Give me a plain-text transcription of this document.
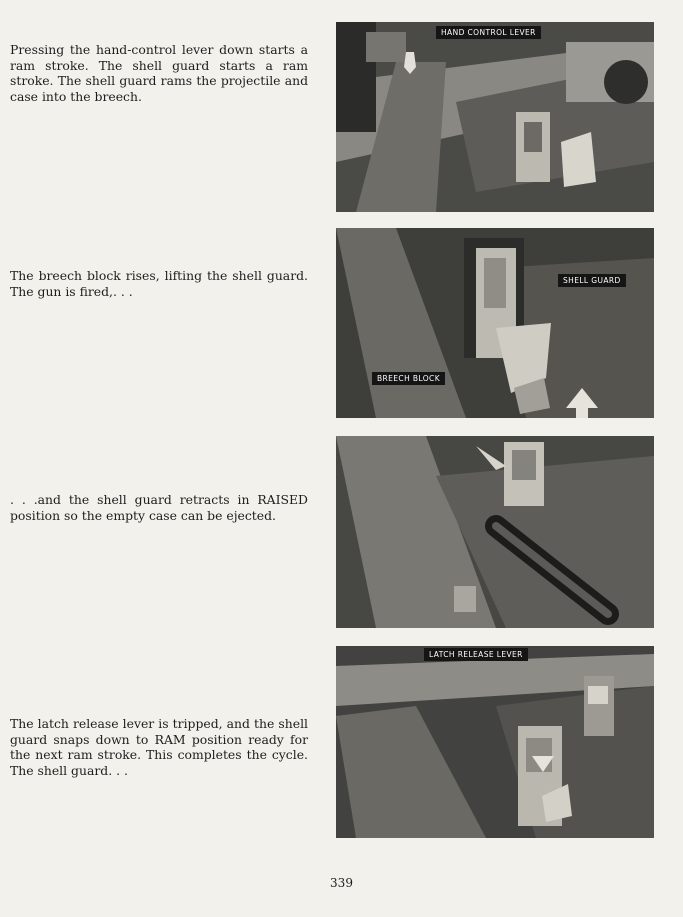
Pressing the hand-control lever down starts a ram stroke. The shell guard starts a ram stroke. The shell guard rams the projectile and case into the breech.

The breech block rises, lifting the shell guard. The gun is fired,. . .

. . .and the shell guard retracts in RAISED position so the empty case can be ejected.

The latch release lever is tripped, and the shell guard snaps down to RAM position ready for the next ram stroke. This completes the cycle. The shell guard. . .

HAND CONTROL LEVER
SHELL GUARD
BREECH BLOCK
LATCH RELEASE LEVER
339
